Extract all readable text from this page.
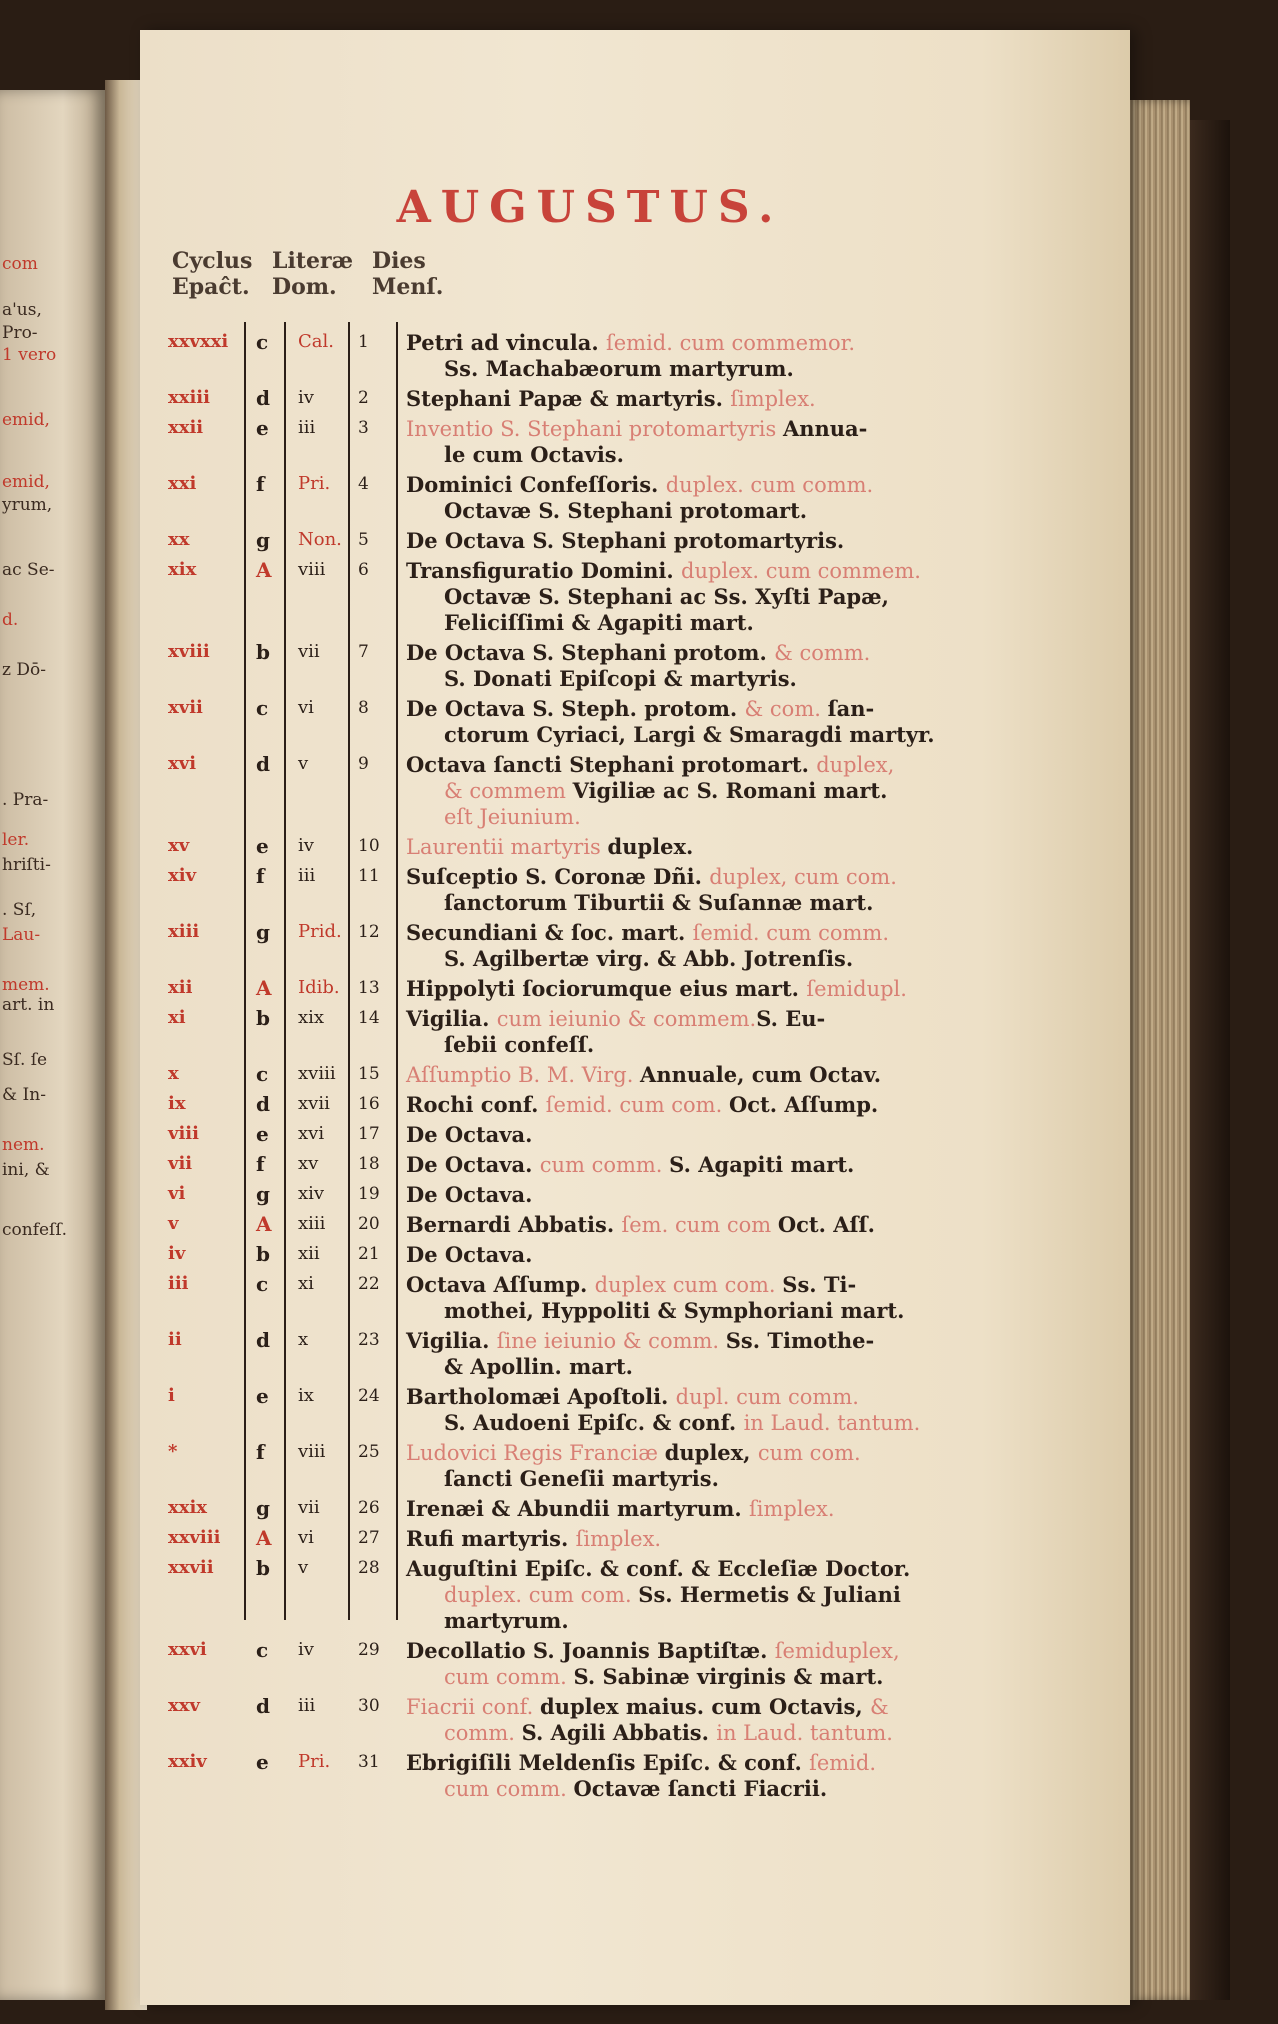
com
a'us,
Pro-
1 vero
emid,
emid,
yrum,
ac Se-
d.
z Dō-
. Pra-
ler.
hriſti-
. Sſ,
Lau-
mem.
art. in
Sſ. ſe
& In-
nem.
ini, &
confeſſ.
AUGUSTUS.
Cyclus
Epaĉt.
Literæ
Dom.
Dies
Menſ.
xxvxxi c Cal. 1 Petri ad vincula. ſemid. cum commemor.
Ss. Machabæorum martyrum.
xxiii d iv	2 Stephani Papæ & martyris. ſimplex.
xxii	e iii	3 Inventio S. Stephani protomartyris Annua-
le cum Octavis.
xxi	f Pri. 4 Dominici Confeſſoris. duplex. cum comm.
Octavæ S. Stephani protomart.
xx	g Non. 5 De Octava S. Stephani protomartyris.
xix	A viii 6 Transfiguratio Domini. duplex. cum commem.
Octavæ S. Stephani ac Ss. Xyſti Papæ,
Feliciſſimi & Agapiti mart.
xviii b vii 7 De Octava S. Stephani protom. & comm.
S. Donati Epiſcopi & martyris.
xvii	c vi	8 De Octava S. Steph. protom. & com. ſan-
ctorum Cyriaci, Largi & Smaragdi martyr.
xvi	d v	9 Octava ſancti Stephani protomart. duplex,
& commem Vigiliæ ac S. Romani mart.
eſt Jeiunium.
xv	e iv	10 Laurentii martyris duplex.
xiv	f iii	11 Suſceptio S. Coronæ Dñi. duplex, cum com.
ſanctorum Tiburtii & Suſannæ mart.
xiii	g Prid. 12 Secundiani & ſoc. mart. ſemid. cum comm.
S. Agilbertæ virg. & Abb. Jotrenſis.
xii	A Idib. 13 Hippolyti ſociorumque eius mart. ſemidupl.
xi	b xix 14 Vigilia. cum ieiunio & commem.S. Eu-
ſebii confeſſ.
x	c xviii 15 Aſſumptio B. M. Virg. Annuale, cum Octav.
ix	d xvii 16 Rochi conf. ſemid. cum com. Oct. Aſſump.
viii	e xvi 17 De Octava.
vii	f xv 18 De Octava. cum comm. S. Agapiti mart.
vi	g xiv 19 De Octava.
v	A xiii 20 Bernardi Abbatis. ſem. cum com Oct. Aſſ.
iv	b xii 21 De Octava.
iii	c xi	22 Octava Aſſump. duplex cum com. Ss. Ti-
mothei, Hyppoliti & Symphoriani mart.
ii	d x	23 Vigilia. ſine ieiunio & comm. Ss. Timothe-
& Apollin. mart.
i	e ix	24 Bartholomæi Apoſtoli. dupl. cum comm.
S. Audoeni Epiſc. & conf. in Laud. tantum.
*	f viii 25 Ludovici Regis Franciæ duplex, cum com.
ſancti Geneſii martyris.
xxix g vii 26 Irenæi & Abundii martyrum. ſimplex.
xxviii A vi	27 Rufi martyris. ſimplex.
xxvii b v	28 Auguſtini Epiſc. & conf. & Eccleſiæ Doctor.
duplex. cum com. Ss. Hermetis & Juliani
martyrum.
xxvi c iv	29 Decollatio S. Joannis Baptiſtæ. ſemiduplex,
cum comm. S. Sabinæ virginis & mart.
xxv	d iii	30 Fiacrii conf. duplex maius. cum Octavis, &
comm. S. Agili Abbatis. in Laud. tantum.
xxiv e Pri. 31 Ebrigiſili Meldenſis Epiſc. & conf. ſemid.
cum comm. Octavæ ſancti Fiacrii.
